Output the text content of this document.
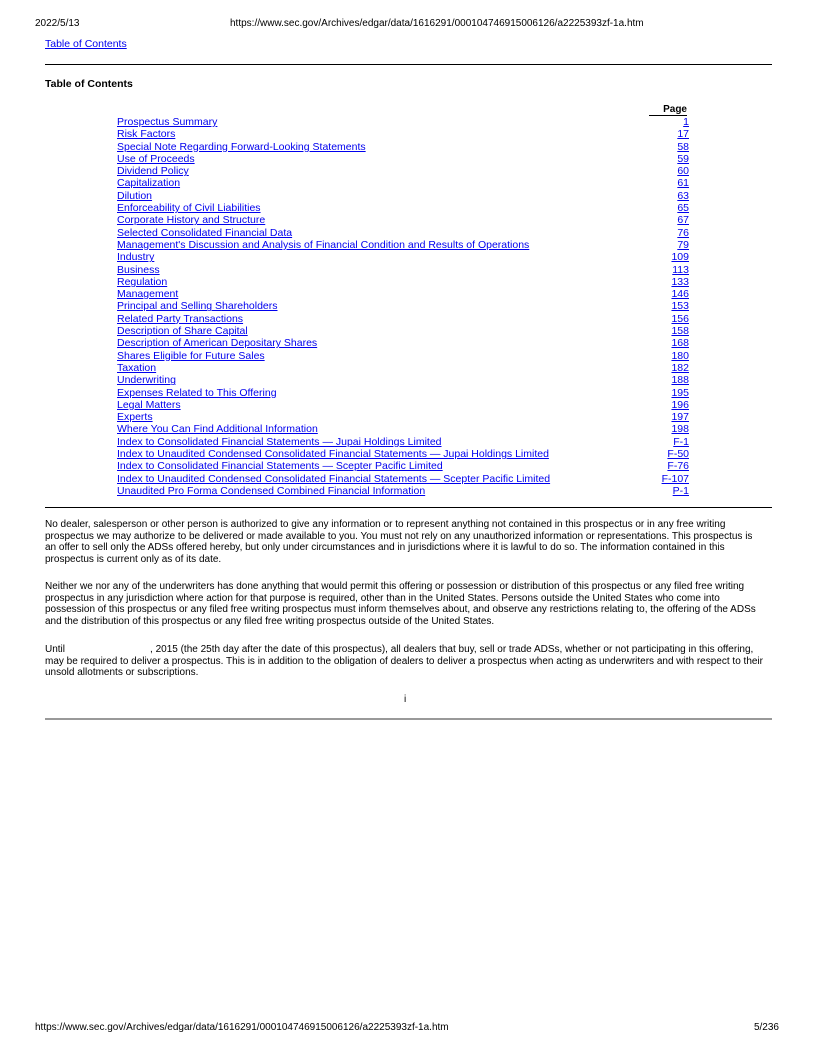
2022/5/13	https://www.sec.gov/Archives/edgar/data/1616291/000104746915006126/a2225393zf-1a.htm
Table of Contents
Table of Contents
Page
Prospectus Summary	1
Risk Factors	17
Special Note Regarding Forward-Looking Statements	58
Use of Proceeds	59
Dividend Policy	60
Capitalization	61
Dilution	63
Enforceability of Civil Liabilities	65
Corporate History and Structure	67
Selected Consolidated Financial Data	76
Management's Discussion and Analysis of Financial Condition and Results of Operations	79
Industry	109
Business	113
Regulation	133
Management	146
Principal and Selling Shareholders	153
Related Party Transactions	156
Description of Share Capital	158
Description of American Depositary Shares	168
Shares Eligible for Future Sales	180
Taxation	182
Underwriting	188
Expenses Related to This Offering	195
Legal Matters	196
Experts	197
Where You Can Find Additional Information	198
Index to Consolidated Financial Statements — Jupai Holdings Limited	F-1
Index to Unaudited Condensed Consolidated Financial Statements — Jupai Holdings Limited	F-50
Index to Consolidated Financial Statements — Scepter Pacific Limited	F-76
Index to Unaudited Condensed Consolidated Financial Statements — Scepter Pacific Limited	F-107
Unaudited Pro Forma Condensed Combined Financial Information	P-1
No dealer, salesperson or other person is authorized to give any information or to represent anything not contained in this prospectus or in any free writing prospectus we may authorize to be delivered or made available to you. You must not rely on any unauthorized information or representations. This prospectus is an offer to sell only the ADSs offered hereby, but only under circumstances and in jurisdictions where it is lawful to do so. The information contained in this prospectus is current only as of its date.
Neither we nor any of the underwriters has done anything that would permit this offering or possession or distribution of this prospectus or any filed free writing prospectus in any jurisdiction where action for that purpose is required, other than in the United States. Persons outside the United States who come into possession of this prospectus or any filed free writing prospectus must inform themselves about, and observe any restrictions relating to, the offering of the ADSs and the distribution of this prospectus or any filed free writing prospectus outside of the United States.
Until	, 2015 (the 25th day after the date of this prospectus), all dealers that buy, sell or trade ADSs, whether or not participating in this offering, may be required to deliver a prospectus. This is in addition to the obligation of dealers to deliver a prospectus when acting as underwriters and with respect to their unsold allotments or subscriptions.
i
https://www.sec.gov/Archives/edgar/data/1616291/000104746915006126/a2225393zf-1a.htm	5/236
